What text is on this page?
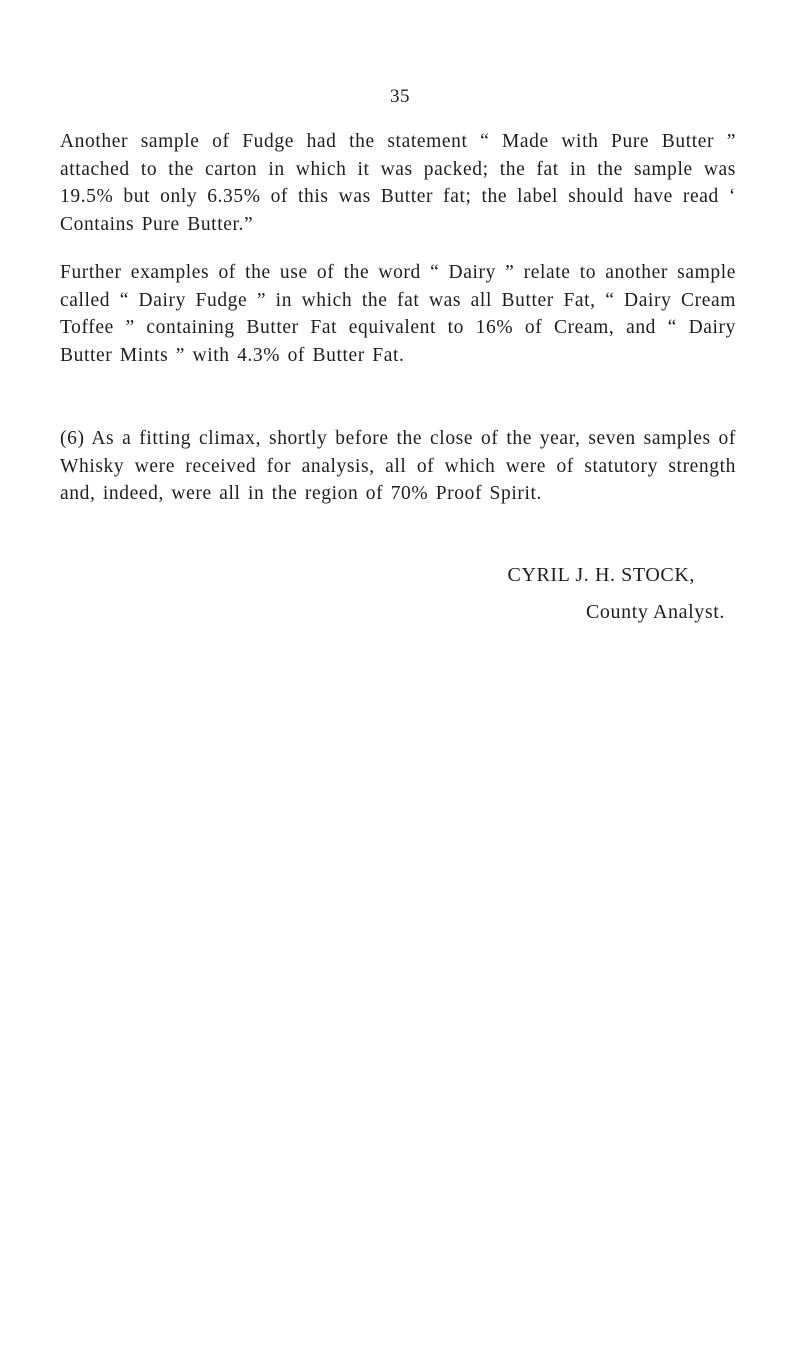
35

Another sample of Fudge had the statement “ Made with Pure Butter ” attached to the carton in which it was packed; the fat in the sample was 19.5% but only 6.35% of this was Butter fat; the label should have read ‘ Contains Pure Butter.”

Further examples of the use of the word “ Dairy ” relate to another sample called “ Dairy Fudge ” in which the fat was all Butter Fat, “ Dairy Cream Toffee ” containing Butter Fat equivalent to 16% of Cream, and “ Dairy Butter Mints ” with 4.3% of Butter Fat.

(6) As a fitting climax, shortly before the close of the year, seven samples of Whisky were received for analysis, all of which were of statutory strength and, indeed, were all in the region of 70% Proof Spirit.

CYRIL J. H. STOCK,
County Analyst.
